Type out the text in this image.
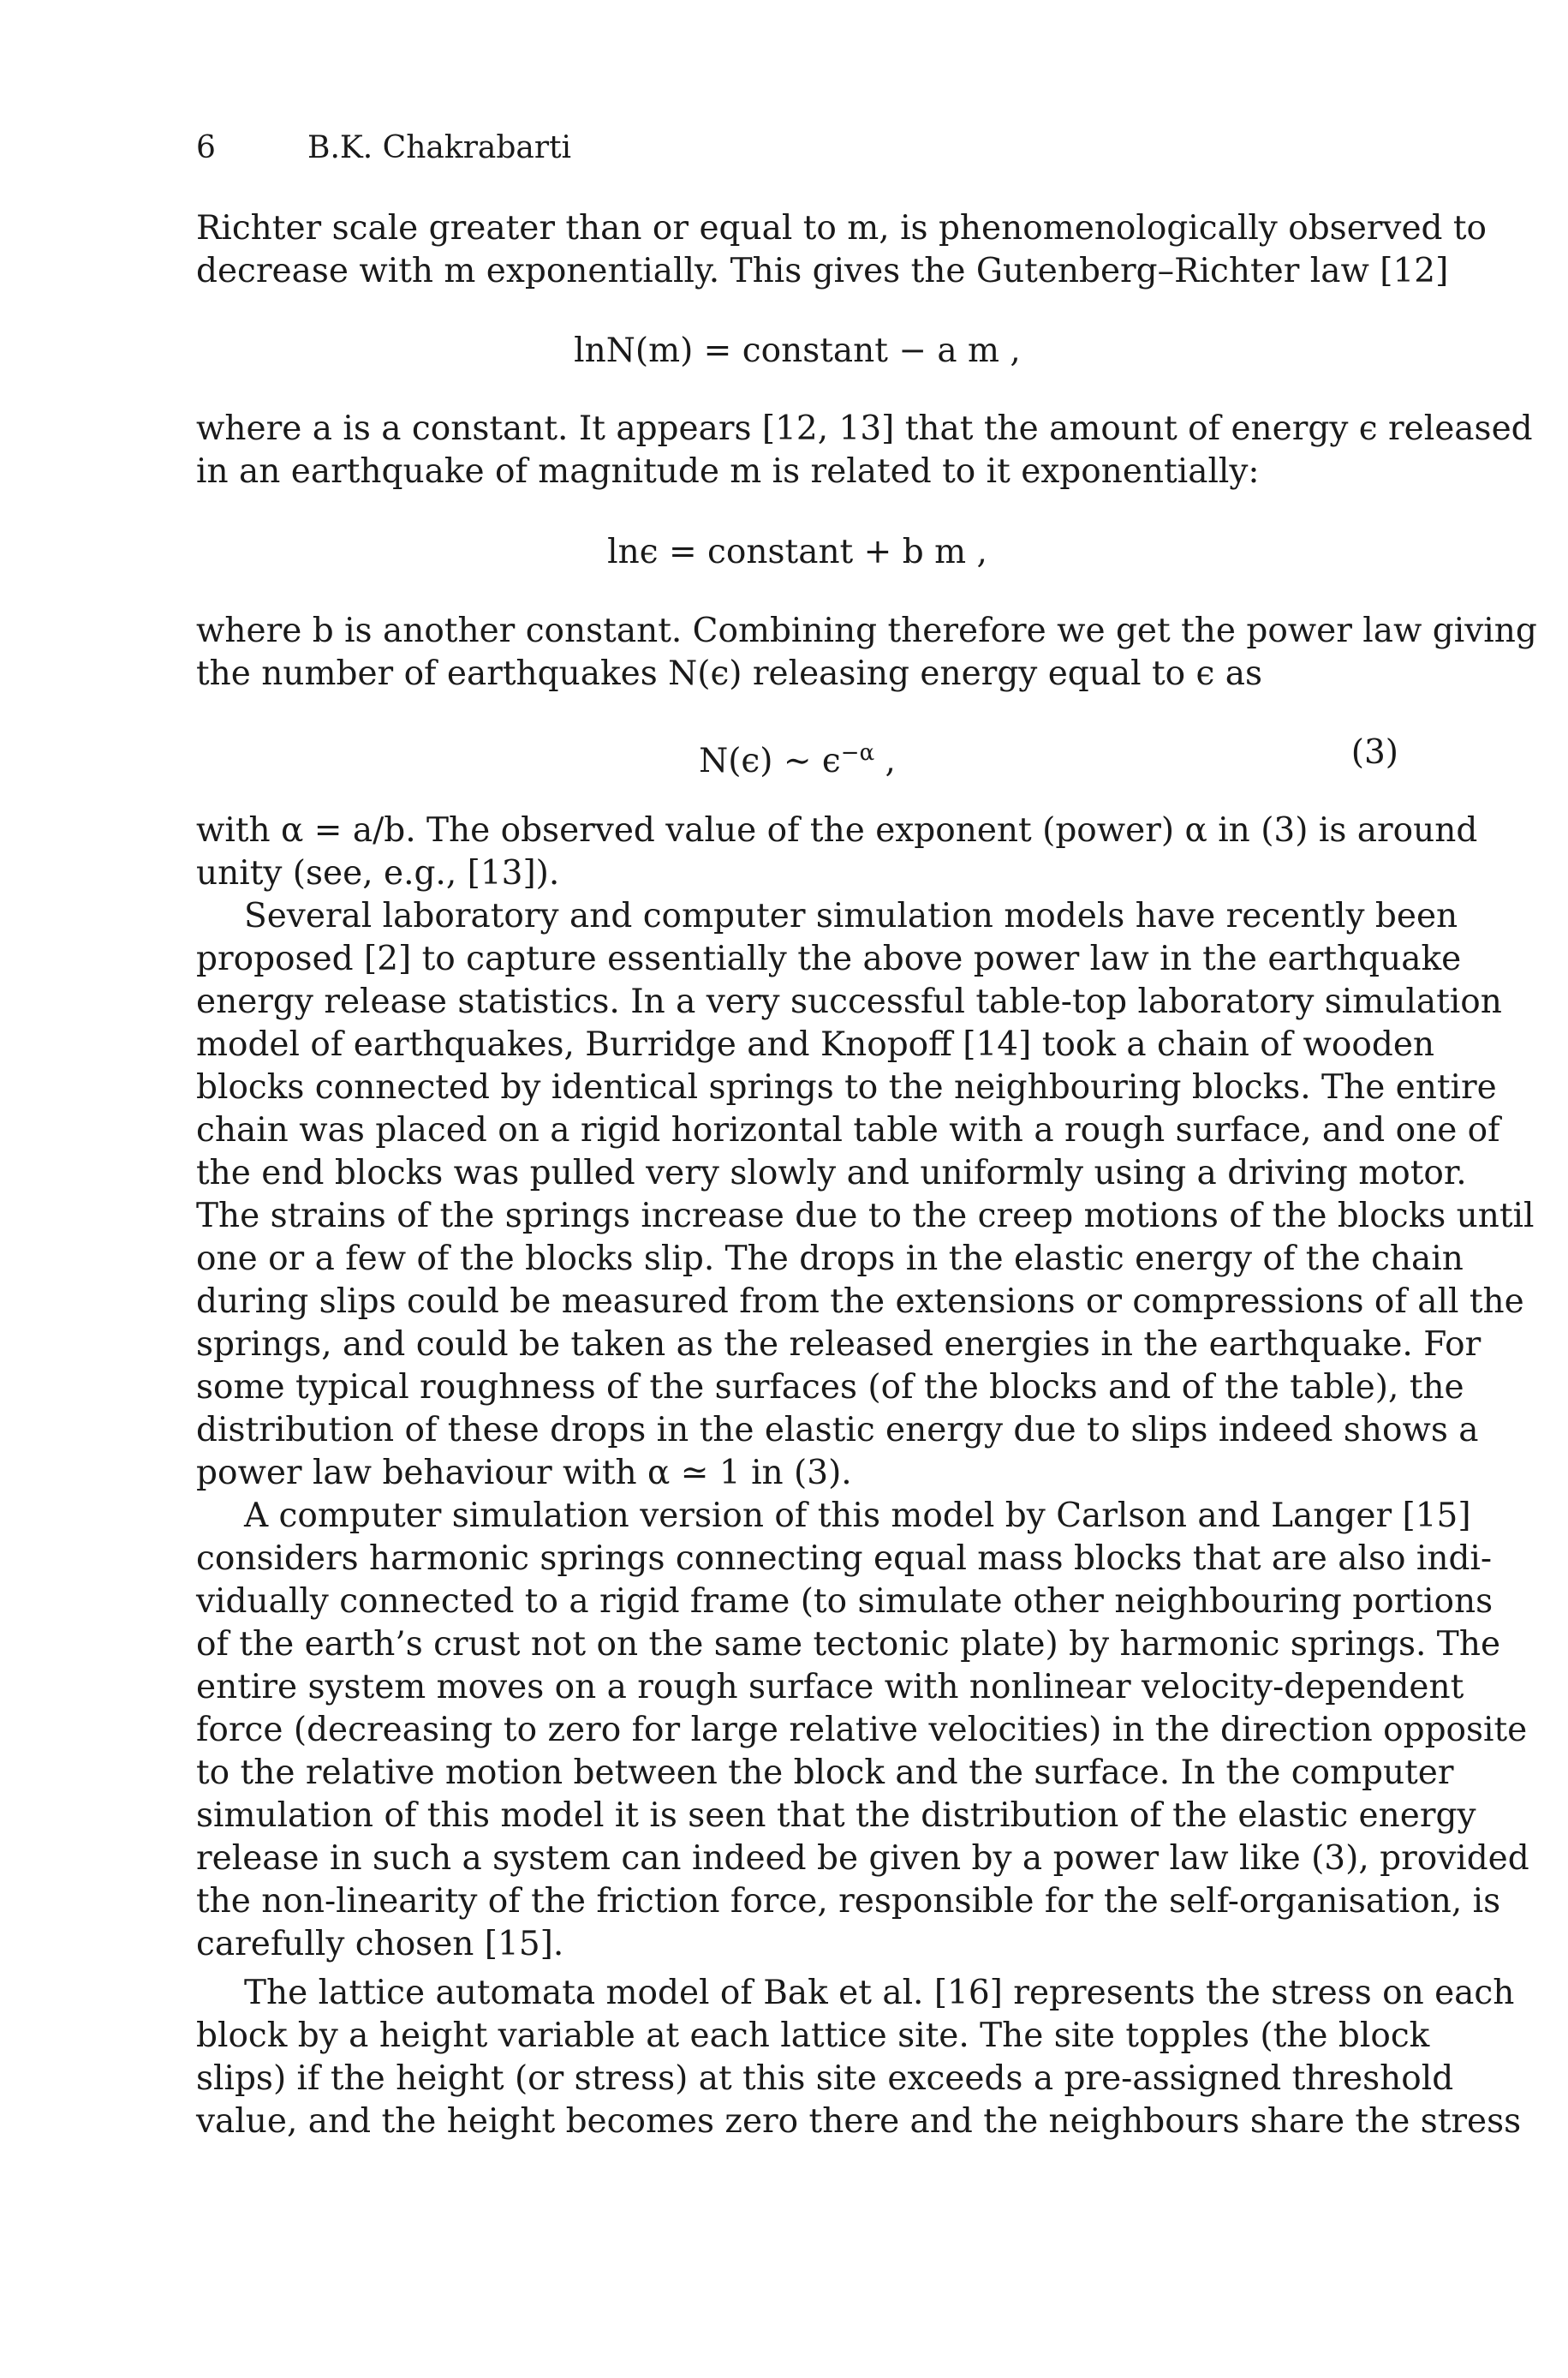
6	B.K. Chakrabarti
Richter scale greater than or equal to m, is phenomenologically observed to
decrease with m exponentially. This gives the Gutenberg–Richter law [12]
lnN(m) = constant − a m ,
where a is a constant. It appears [12, 13] that the amount of energy ϵ released
in an earthquake of magnitude m is related to it exponentially:
lnϵ = constant + b m ,
where b is another constant. Combining therefore we get the power law giving
the number of earthquakes N(ϵ) releasing energy equal to ϵ as
N(ϵ) ∼ $\epsilon^{-\alpha}$ ,	(3)
with α = a/b. The observed value of the exponent (power) α in (3) is around
unity (see, e.g., [13]).
Several laboratory and computer simulation models have recently been
proposed [2] to capture essentially the above power law in the earthquake
energy release statistics. In a very successful table-top laboratory simulation
model of earthquakes, Burridge and Knopoff [14] took a chain of wooden
blocks connected by identical springs to the neighbouring blocks. The entire
chain was placed on a rigid horizontal table with a rough surface, and one of
the end blocks was pulled very slowly and uniformly using a driving motor.
The strains of the springs increase due to the creep motions of the blocks until
one or a few of the blocks slip. The drops in the elastic energy of the chain
during slips could be measured from the extensions or compressions of all the
springs, and could be taken as the released energies in the earthquake. For
some typical roughness of the surfaces (of the blocks and of the table), the
distribution of these drops in the elastic energy due to slips indeed shows a
power law behaviour with α ≃ 1 in (3).
A computer simulation version of this model by Carlson and Langer [15]
considers harmonic springs connecting equal mass blocks that are also indi-
vidually connected to a rigid frame (to simulate other neighbouring portions
of the earth’s crust not on the same tectonic plate) by harmonic springs. The
entire system moves on a rough surface with nonlinear velocity-dependent
force (decreasing to zero for large relative velocities) in the direction opposite
to the relative motion between the block and the surface. In the computer
simulation of this model it is seen that the distribution of the elastic energy
release in such a system can indeed be given by a power law like (3), provided
the non-linearity of the friction force, responsible for the self-organisation, is
carefully chosen [15].
The lattice automata model of Bak et al. [16] represents the stress on each
block by a height variable at each lattice site. The site topples (the block
slips) if the height (or stress) at this site exceeds a pre-assigned threshold
value, and the height becomes zero there and the neighbours share the stress
